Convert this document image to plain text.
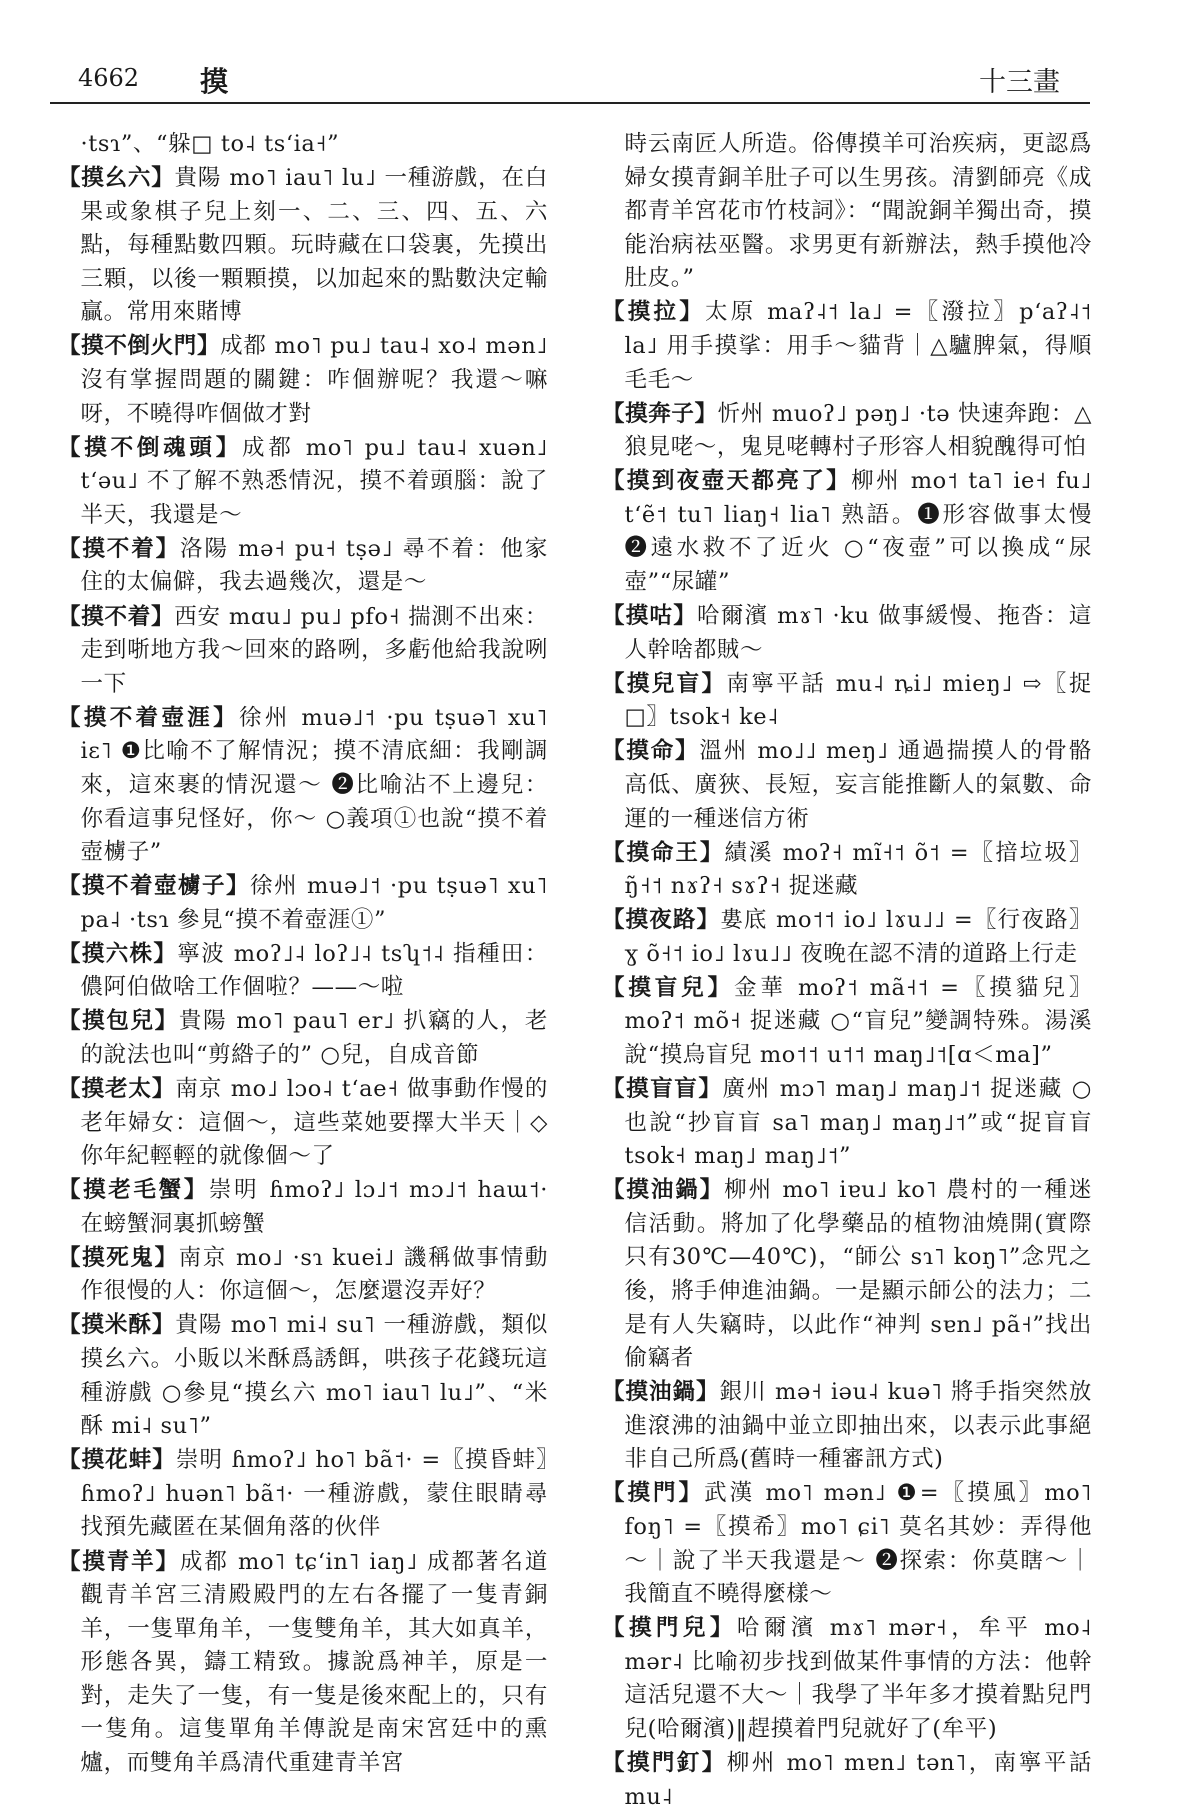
4662 摸	十三畫
·tsɿ”、“躲□ to˨ tsʻia˧”
【摸幺六】貴陽 mo˥ iau˥ lu˩ 一種游戲，在白果或象棋子兒上刻一、二、三、四、五、六點，每種點數四顆。玩時藏在口袋裏，先摸出三顆，以後一顆顆摸，以加起來的點數決定輸贏。常用來賭博
【摸不倒火門】成都 mo˥ pu˩ tau˨ xo˨ mən˩ 沒有掌握問題的關鍵：咋個辦呢？我還～嘛呀，不曉得咋個做才對
【摸不倒魂頭】成都 mo˥ pu˩ tau˨ xuən˩ tʻəu˩ 不了解不熟悉情況，摸不着頭腦：說了半天，我還是～
【摸不着】洛陽 mə˧ pu˧ tṣə˩ 尋不着：他家住的太偏僻，我去過幾次，還是～
【摸不着】西安 mɑu˩ pu˩ pfo˧ 揣測不出來：走到哳地方我～回來的路咧，多虧他給我說咧一下
【摸不着壺涯】徐州 muə˩˦ ·pu tṣuə˥ xu˥ iɛ˥ ❶比喻不了解情況；摸不清底細：我剛調來，這來裹的情況還～ ❷比喻沾不上邊兒：你看這事兒怪好，你～ ○義項①也說“摸不着壺㯭子”
【摸不着壺㯭子】徐州 muə˩˦ ·pu tṣuə˥ xu˥ pa˨ ·tsɿ 參見“摸不着壺涯①”
【摸六株】寧波 moʔ˩˨ loʔ˩˨ tsʮ˦˨ 指種田：儂阿伯做啥工作個啦？——～啦
【摸包兒】貴陽 mo˥ pau˥ er˩ 扒竊的人，老的說法也叫“剪綹子的” ○兒，自成音節
【摸老太】南京 mo˩ lɔo˨ tʻae˧ 做事動作慢的老年婦女：這個～，這些菜她要擇大半天｜◇你年紀輕輕的就像個～了
【摸老毛蟹】崇明 ɦmoʔ˩ lɔ˩˦ mɔ˩˦ haɯ˦· 在螃蟹洞裏抓螃蟹
【摸死鬼】南京 mo˩ ·sɿ kuei˩ 譏稱做事情動作很慢的人：你這個～，怎麼還沒弄好？
【摸米酥】貴陽 mo˥ mi˨ su˥ 一種游戲，類似摸幺六。小販以米酥爲誘餌，哄孩子花錢玩這種游戲 ○參見“摸幺六 mo˥ iau˥ lu˩”、“米酥 mi˨ su˥”
【摸花蚌】崇明 ɦmoʔ˩ ho˥ bã˦· =〖摸昏蚌〗ɦmoʔ˩ huən˥ bã˦· 一種游戲，蒙住眼睛尋找預先藏匿在某個角落的伙伴
【摸青羊】成都 mo˥ tɕʻin˥ iaŋ˩ 成都著名道觀青羊宮三清殿殿門的左右各擺了一隻青銅羊，一隻單角羊，一隻雙角羊，其大如真羊，形態各異，鑄工精致。據說爲神羊，原是一對，走失了一隻，有一隻是後來配上的，只有一隻角。這隻單角羊傳說是南宋宮廷中的熏爐，而雙角羊爲清代重建青羊宮
時云南匠人所造。俗傳摸羊可治疾病，更認爲婦女摸青銅羊肚子可以生男孩。清劉師亮《成都青羊宮花市竹枝詞》：“聞說銅羊獨出奇，摸能治病祛巫醫。求男更有新辦法，熱手摸他冷肚皮。”
【摸拉】太原 maʔ˨˦ la˩ =〖潑拉〗pʻaʔ˨˦ la˩ 用手摸挲：用手～貓背｜△驢脾氣，得順毛毛～
【摸奔子】忻州 muoʔ˩ pəŋ˩ ·tə 快速奔跑：△狼見咾～，鬼見咾轉村子形容人相貌醜得可怕
【摸到夜壺天都亮了】柳州 mo˦ ta˥ ie˧ fu˩ tʻẽ˦ tu˥ liaŋ˧ lia˥ 熟語。❶形容做事太慢 ❷遠水救不了近火 ○“夜壺”可以換成“尿壺”“尿罐”
【摸咕】哈爾濱 mɤ˥ ·ku 做事緩慢、拖沓：這人幹啥都賊～
【摸兒盲】南寧平話 mu˨ ȵi˩ mieŋ˩ ⇨〖捉□〗tsok˧ ke˨
【摸命】溫州 mo˩˩ meŋ˩ 通過揣摸人的骨骼高低、廣狹、長短，妄言能推斷人的氣數、命運的一種迷信方術
【摸命王】績溪 moʔ˧ mĩ˧˦ õ˦ =〖揞垃圾〗ŋ̃˧˦ nɤʔ˧ sɤʔ˧ 捉迷藏
【摸夜路】婁底 mo˦˦ io˩ lɤu˩˩ =〖行夜路〗ɣ õ˧˦ io˩ lɤu˩˩ 夜晚在認不清的道路上行走
【摸盲兒】金華 moʔ˦ mã˧˦ =〖摸貓兒〗moʔ˦ mõ˧ 捉迷藏 ○“盲兒”變調特殊。湯溪說“摸烏盲兒 mo˦˦ u˦˦ maŋ˩˦[ɑ＜ma]”
【摸盲盲】廣州 mɔ˥ maŋ˩ maŋ˩˦ 捉迷藏 ○也說“抄盲盲 sa˥ maŋ˩ maŋ˩˦”或“捉盲盲 tsok˧ maŋ˩ maŋ˩˦”
【摸油鍋】柳州 mo˥ iɐu˩ ko˥ 農村的一種迷信活動。將加了化學藥品的植物油燒開(實際只有30℃—40℃)，“師公 sɿ˥ koŋ˥”念咒之後，將手伸進油鍋。一是顯示師公的法力；二是有人失竊時，以此作“神判 sɐn˩ pã˧”找出偷竊者
【摸油鍋】銀川 mə˧ iəu˨ kuə˥ 將手指突然放進滾沸的油鍋中並立即抽出來，以表示此事絕非自己所爲(舊時一種審訊方式)
【摸門】武漢 mo˥ mən˩ ❶=〖摸風〗mo˥ foŋ˥ =〖摸希〗mo˥ ɕi˥ 莫名其妙：弄得他～｜說了半天我還是～ ❷探索：你莫瞎～｜我簡直不曉得麼樣～
【摸門兒】哈爾濱 mɤ˥ mər˧，牟平 mo˨ mər˨ 比喻初步找到做某件事情的方法：他幹這活兒還不大～｜我學了半年多才摸着點兒門兒(哈爾濱)‖趕摸着門兒就好了(牟平)
【摸門釘】柳州 mo˥ mɐn˩ tən˥，南寧平話 mu˨
